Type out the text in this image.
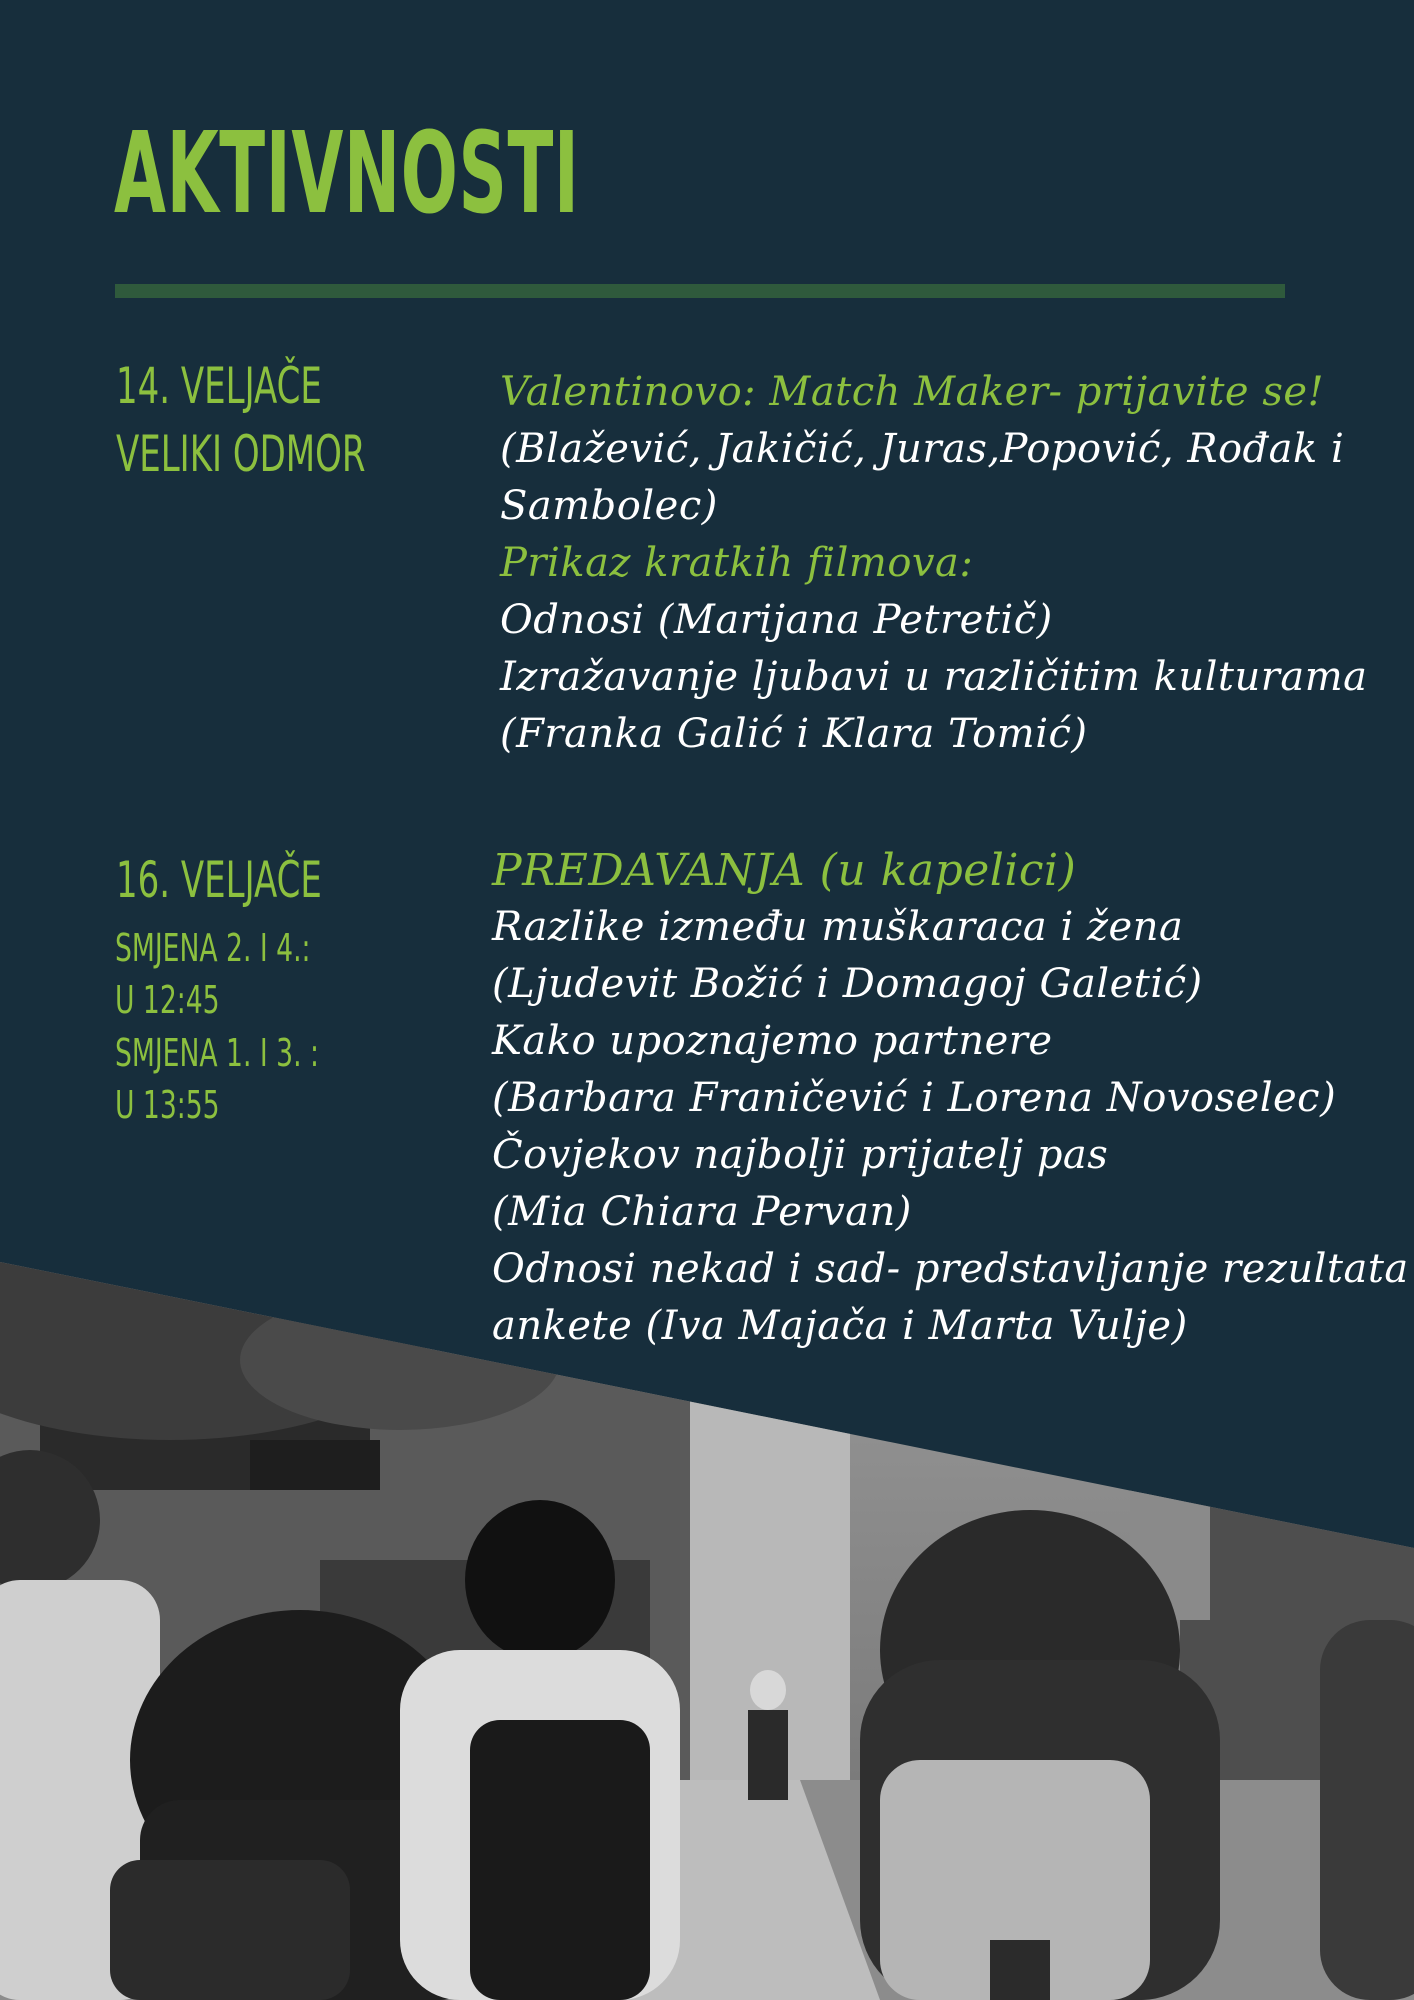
AKTIVNOSTI
14. VELJAČE
VELIKI ODMOR
Valentinovo: Match Maker- prijavite se!
(Blažević, Jakičić, Juras,Popović, Rođak i
Sambolec)
Prikaz kratkih filmova:
Odnosi (Marijana Petretič)
Izražavanje ljubavi u različitim kulturama
(Franka Galić i Klara Tomić)
16. VELJAČE
SMJENA 2. I 4.:
U 12:45
SMJENA 1. I 3. :
U 13:55
PREDAVANJA (u kapelici)
Razlike između muškaraca i žena
(Ljudevit Božić i Domagoj Galetić)
Kako upoznajemo partnere
(Barbara Franičević i Lorena Novoselec)
Čovjekov najbolji prijatelj pas
(Mia Chiara Pervan)
Odnosi nekad i sad- predstavljanje rezultata
ankete (Iva Majača i Marta Vulje)
